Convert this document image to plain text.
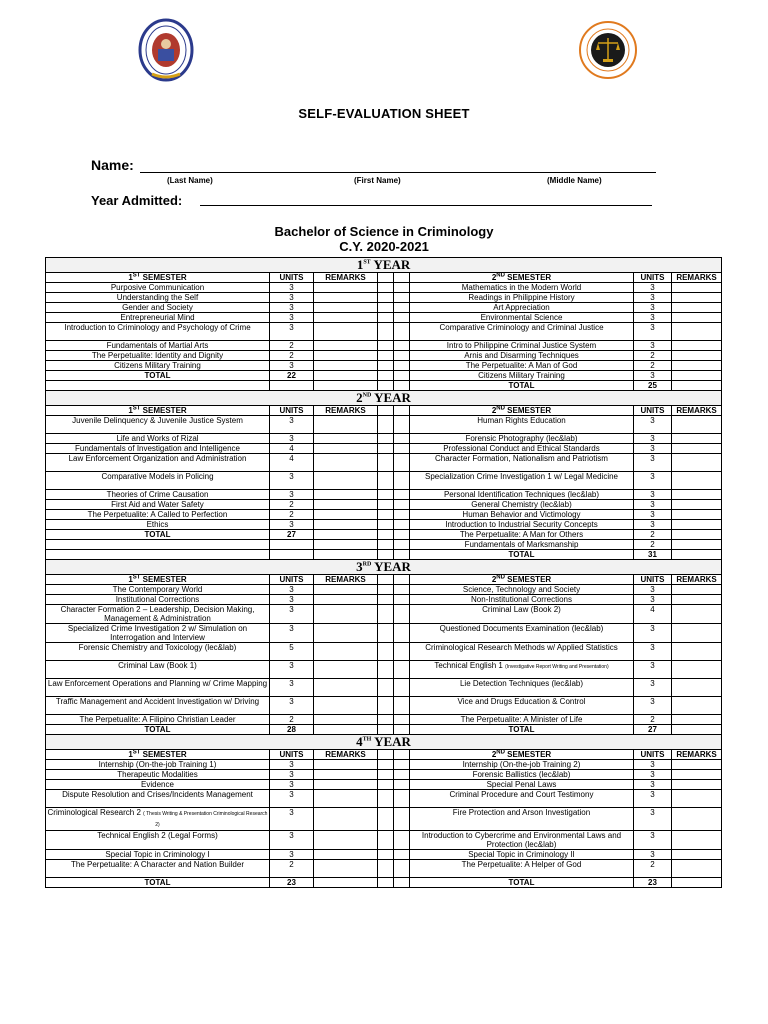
SELF-EVALUATION SHEET
Name:
(Last Name)	(First Name)	(Middle Name)
Year Admitted:
Bachelor of Science in Criminology
C.Y. 2020-2021
1ST YEAR							
1ST SEMESTER	UNITS	REMARKS			2ND SEMESTER	UNITS	REMARKS
Purposive Communication	3				Mathematics in the Modern World	3	
Understanding the Self	3				Readings in Philippine History	3	
Gender and Society	3				Art Appreciation	3	
Entrepreneurial Mind	3				Environmental Science	3	
Introduction to Criminology and Psychology of Crime	3				Comparative Criminology and Criminal Justice	3	
Fundamentals of Martial Arts	2				Intro to Philippine Criminal Justice System	3	
The Perpetualite: Identity and Dignity	2				Arnis and Disarming Techniques	2	
Citizens Military Training	3				The Perpetualite: A Man of God	2	
TOTAL	22				Citizens Military Training	3	
					TOTAL	25	
2ND YEAR							
1ST SEMESTER	UNITS	REMARKS			2ND SEMESTER	UNITS	REMARKS
Juvenile Delinquency & Juvenile Justice System	3				Human Rights Education	3	
Life and Works of Rizal	3				Forensic Photography (lec&lab)	3	
Fundamentals of Investigation and Intelligence	4				Professional Conduct and Ethical Standards	3	
Law Enforcement Organization and Administration	4				Character Formation, Nationalism and Patriotism	3	
Comparative Models in Policing	3				Specialization Crime Investigation 1 w/ Legal Medicine	3	
Theories of Crime Causation	3				Personal Identification Techniques (lec&lab)	3	
First Aid and Water Safety	2				General Chemistry (lec&lab)	3	
The Perpetualite: A Called to Perfection	2				Human Behavior and Victimology	3	
Ethics	3				Introduction to Industrial Security Concepts	3	
TOTAL	27				The Perpetualite: A Man for Others	2	
					Fundamentals of Marksmanship	2	
					TOTAL	31	
3RD YEAR							
1ST SEMESTER	UNITS	REMARKS			2ND SEMESTER	UNITS	REMARKS
The Contemporary World	3				Science, Technology and Society	3	
Institutional Corrections	3				Non-Institutional Corrections	3	
Character Formation 2 – Leadership, Decision Making, Management & Administration	3				Criminal Law (Book 2)	4	
Specialized Crime Investigation 2 w/ Simulation on Interrogation and Interview	3				Questioned Documents Examination (lec&lab)	3	
Forensic Chemistry and Toxicology (lec&lab)	5				Criminological Research Methods w/ Applied Statistics	3	
Criminal Law (Book 1)	3				Technical English 1 (Investigative Report Writing and Presentation)	3	
Law Enforcement Operations and Planning w/ Crime Mapping	3				Lie Detection Techniques (lec&lab)	3	
Traffic Management and Accident Investigation w/ Driving	3				Vice and Drugs Education & Control	3	
The Perpetualite: A Filipino Christian Leader	2				The Perpetualite: A Minister of Life	2	
TOTAL	28				TOTAL	27	
4TH YEAR							
1ST SEMESTER	UNITS	REMARKS			2ND SEMESTER	UNITS	REMARKS
Internship (On-the-job Training 1)	3				Internship (On-the-job Training 2)	3	
Therapeutic Modalities	3				Forensic Ballistics (lec&lab)	3	
Evidence	3				Special Penal Laws	3	
Dispute Resolution and Crises/Incidents Management	3				Criminal Procedure and Court Testimony	3	
Criminological Research 2 ( Thesis Writing & Presentation Criminological Research 2)	3				Fire Protection and Arson Investigation	3	
Technical English 2 (Legal Forms)	3				Introduction to Cybercrime and Environmental Laws and Protection (lec&lab)	3	
Special Topic in Criminology I	3				Special Topic in Criminology II	3	
The Perpetualite: A Character and Nation Builder	2				The Perpetualite: A Helper of God	2	
TOTAL	23				TOTAL	23	
